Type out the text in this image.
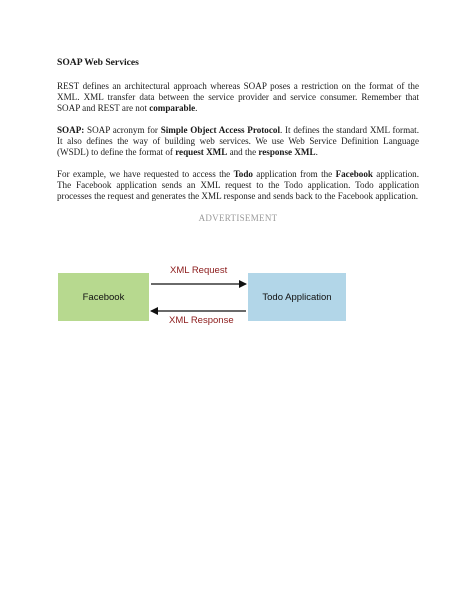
SOAP Web Services

REST defines an architectural approach whereas SOAP poses a restriction on the format of the XML. XML transfer data between the service provider and service consumer. Remember that SOAP and REST are not comparable.

SOAP: SOAP acronym for Simple Object Access Protocol. It defines the standard XML format. It also defines the way of building web services. We use Web Service Definition Language (WSDL) to define the format of request XML and the response XML.

For example, we have requested to access the Todo application from the Facebook application. The Facebook application sends an XML request to the Todo application. Todo application processes the request and generates the XML response and sends back to the Facebook application.

ADVERTISEMENT
Facebook	Todo Application
XML Request
XML Response
